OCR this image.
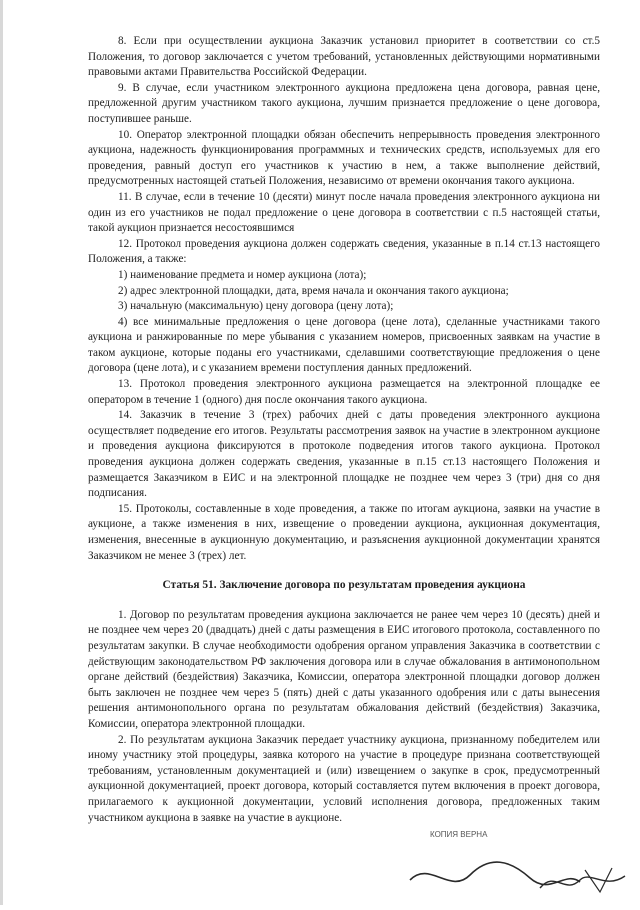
8. Если при осуществлении аукциона Заказчик установил приоритет в соответствии со ст.5 Положения, то договор заключается с учетом требований, установленных действующими нормативными правовыми актами Правительства Российской Федерации.

9. В случае, если участником электронного аукциона предложена цена договора, равная цене, предложенной другим участником такого аукциона, лучшим признается предложение о цене договора, поступившее раньше.

10. Оператор электронной площадки обязан обеспечить непрерывность проведения электронного аукциона, надежность функционирования программных и технических средств, используемых для его проведения, равный доступ его участников к участию в нем, а также выполнение действий, предусмотренных настоящей статьей Положения, независимо от времени окончания такого аукциона.

11. В случае, если в течение 10 (десяти) минут после начала проведения электронного аукциона ни один из его участников не подал предложение о цене договора в соответствии с п.5 настоящей статьи, такой аукцион признается несостоявшимся

12. Протокол проведения аукциона должен содержать сведения, указанные в п.14 ст.13 настоящего Положения, а также:

1) наименование предмета и номер аукциона (лота);

2) адрес электронной площадки, дата, время начала и окончания такого аукциона;

3) начальную (максимальную) цену договора (цену лота);

4) все минимальные предложения о цене договора (цене лота), сделанные участниками такого аукциона и ранжированные по мере убывания с указанием номеров, присвоенных заявкам на участие в таком аукционе, которые поданы его участниками, сделавшими соответствующие предложения о цене договора (цене лота), и с указанием времени поступления данных предложений.

13. Протокол проведения электронного аукциона размещается на электронной площадке ее оператором в течение 1 (одного) дня после окончания такого аукциона.

14. Заказчик в течение 3 (трех) рабочих дней с даты проведения электронного аукциона осуществляет подведение его итогов. Результаты рассмотрения заявок на участие в электронном аукционе и проведения аукциона фиксируются в протоколе подведения итогов такого аукциона. Протокол проведения аукциона должен содержать сведения, указанные в п.15 ст.13 настоящего Положения и размещается Заказчиком в ЕИС и на электронной площадке не позднее чем через 3 (три) дня со дня подписания.

15. Протоколы, составленные в ходе проведения, а также по итогам аукциона, заявки на участие в аукционе, а также изменения в них, извещение о проведении аукциона, аукционная документация, изменения, внесенные в аукционную документацию, и разъяснения аукционной документации хранятся Заказчиком не менее 3 (трех) лет.

Статья 51. Заключение договора по результатам проведения аукциона

1. Договор по результатам проведения аукциона заключается не ранее чем через 10 (десять) дней и не позднее чем через 20 (двадцать) дней с даты размещения в ЕИС итогового протокола, составленного по результатам закупки. В случае необходимости одобрения органом управления Заказчика в соответствии с действующим законодательством РФ заключения договора или в случае обжалования в антимонопольном органе действий (бездействия) Заказчика, Комиссии, оператора электронной площадки договор должен быть заключен не позднее чем через 5 (пять) дней с даты указанного одобрения или с даты вынесения решения антимонопольного органа по результатам обжалования действий (бездействия) Заказчика, Комиссии, оператора электронной площадки.

2. По результатам аукциона Заказчик передает участнику аукциона, признанному победителем или иному участнику этой процедуры, заявка которого на участие в процедуре признана соответствующей требованиям, установленным документацией и (или) извещением о закупке в срок, предусмотренный аукционной документацией, проект договора, который составляется путем включения в проект договора, прилагаемого к аукционной документации, условий исполнения договора, предложенных таким участником аукциона в заявке на участие в аукционе.

КОПИЯ ВЕРНА
